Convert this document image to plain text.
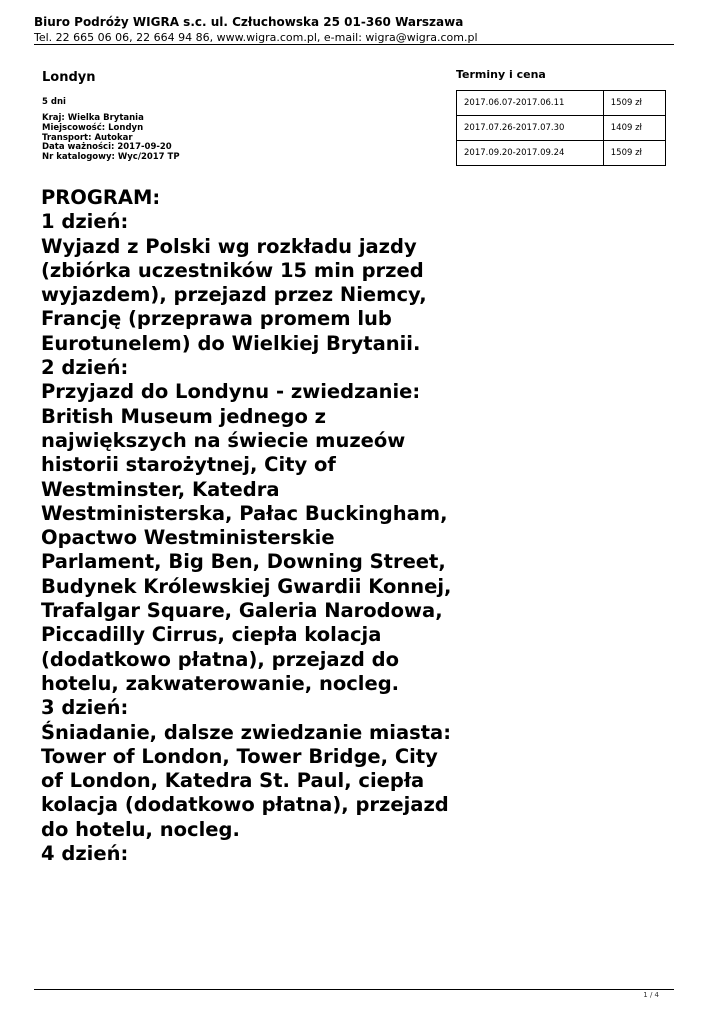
Biuro Podróży WIGRA s.c. ul. Człuchowska 25 01-360 Warszawa
Tel. 22 665 06 06, 22 664 94 86, www.wigra.com.pl, e-mail: wigra@wigra.com.pl
Londyn
5 dni
Kraj: Wielka Brytania
Miejscowość: Londyn
Transport: Autokar
Data ważności: 2017-09-20
Nr katalogowy: Wyc/2017 TP
Terminy i cena
2017.06.07-2017.06.11	1509 zł
2017.07.26-2017.07.30	1409 zł
2017.09.20-2017.09.24	1509 zł
PROGRAM:
1 dzień:
Wyjazd z Polski wg rozkładu jazdy (zbiórka uczestników 15 min przed wyjazdem), przejazd przez Niemcy, Francję (przeprawa promem lub Eurotunelem) do Wielkiej Brytanii.
2 dzień:
Przyjazd do Londynu - zwiedzanie: British Museum jednego z największych na świecie muzeów historii starożytnej, City of Westminster, Katedra Westministerska, Pałac Buckingham, Opactwo Westministerskie Parlament, Big Ben, Downing Street, Budynek Królewskiej Gwardii Konnej, Trafalgar Square, Galeria Narodowa, Piccadilly Cirrus, ciepła kolacja (dodatkowo płatna), przejazd do hotelu, zakwaterowanie, nocleg.
3 dzień:
Śniadanie, dalsze zwiedzanie miasta: Tower of London, Tower Bridge, City of London, Katedra St. Paul, ciepła kolacja (dodatkowo płatna), przejazd do hotelu, nocleg.
4 dzień:
1 / 4
